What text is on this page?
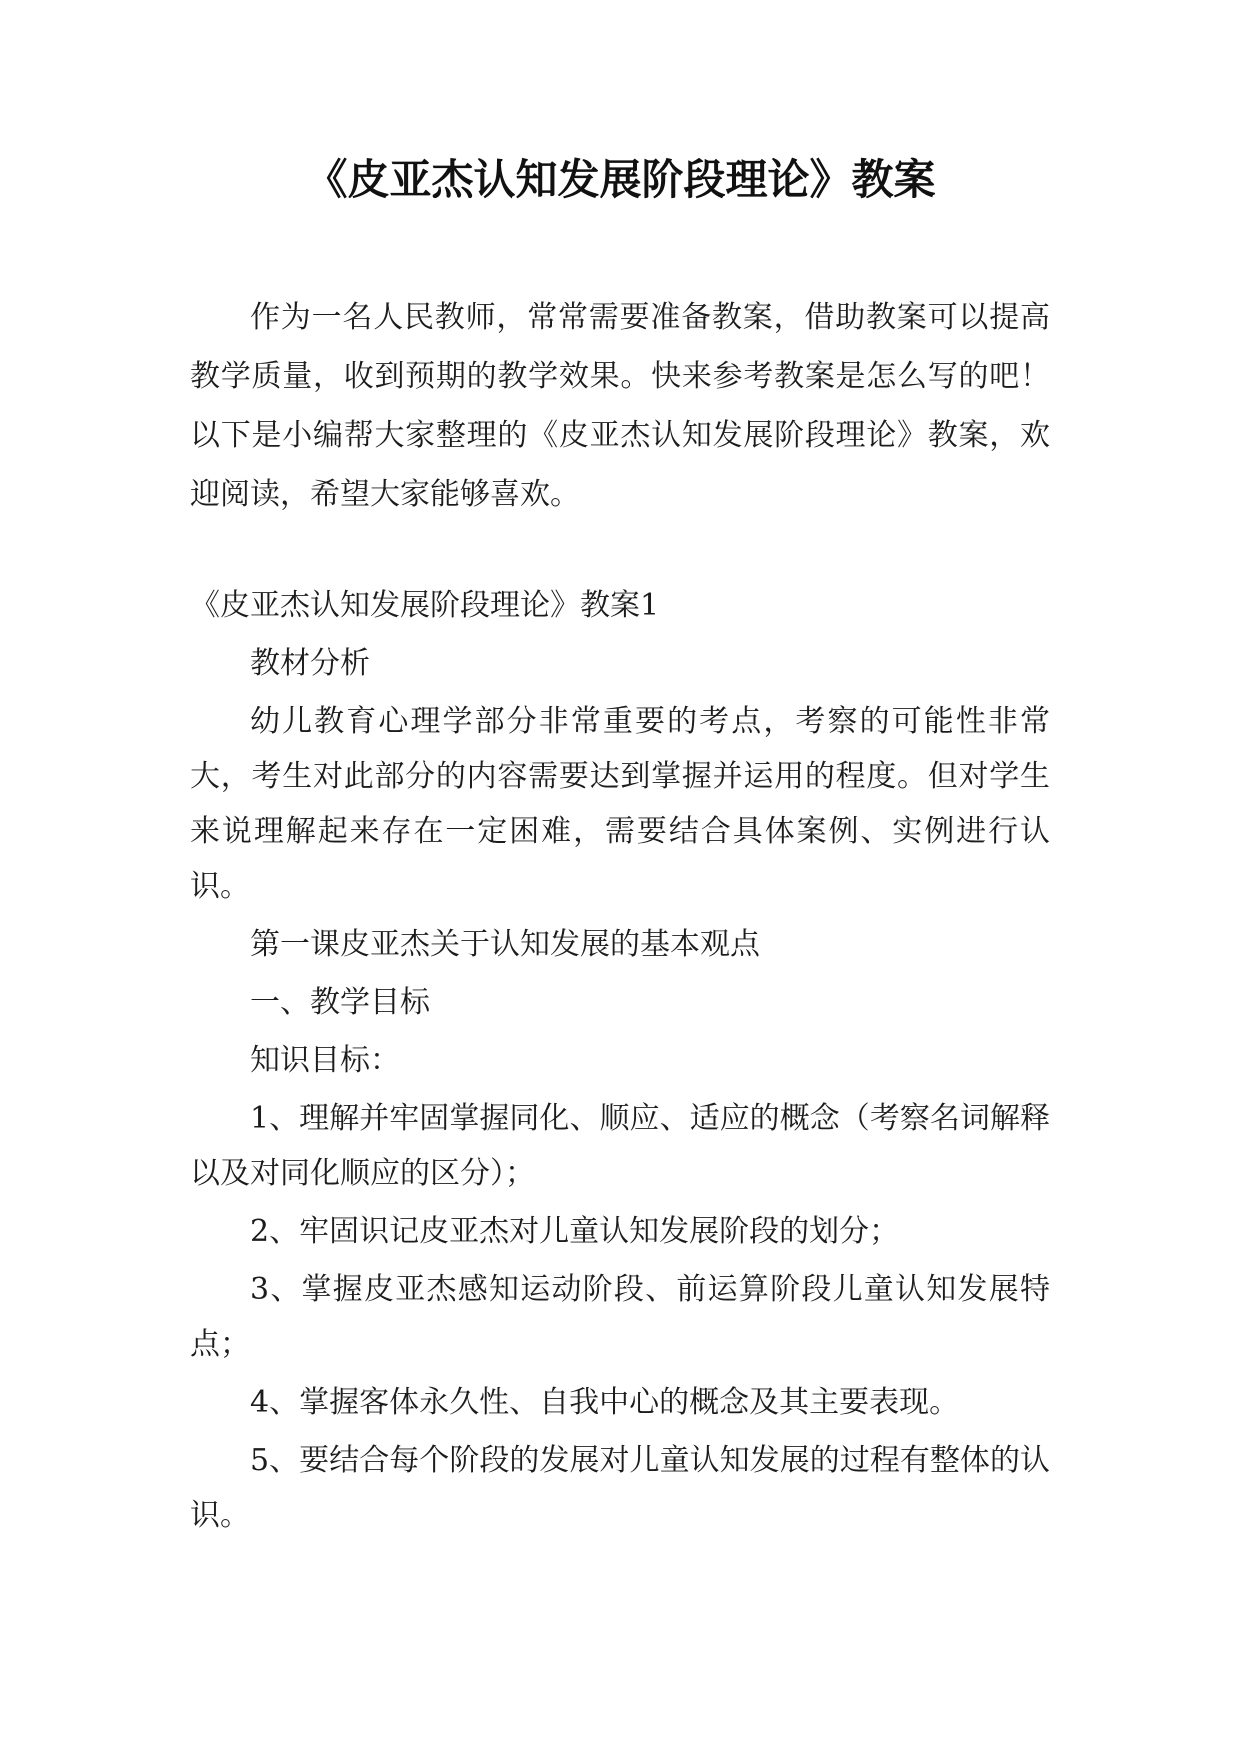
《皮亚杰认知发展阶段理论》教案

作为一名人民教师，常常需要准备教案，借助教案可以提高教学质量，收到预期的教学效果。快来参考教案是怎么写的吧！以下是小编帮大家整理的《皮亚杰认知发展阶段理论》教案，欢迎阅读，希望大家能够喜欢。

《皮亚杰认知发展阶段理论》教案1

教材分析

幼儿教育心理学部分非常重要的考点，考察的可能性非常大，考生对此部分的内容需要达到掌握并运用的程度。但对学生来说理解起来存在一定困难，需要结合具体案例、实例进行认识。

第一课皮亚杰关于认知发展的基本观点

一、教学目标

知识目标：

1、理解并牢固掌握同化、顺应、适应的概念（考察名词解释以及对同化顺应的区分）；

2、牢固识记皮亚杰对儿童认知发展阶段的划分；

3、掌握皮亚杰感知运动阶段、前运算阶段儿童认知发展特点；

4、掌握客体永久性、自我中心的概念及其主要表现。

5、要结合每个阶段的发展对儿童认知发展的过程有整体的认识。
